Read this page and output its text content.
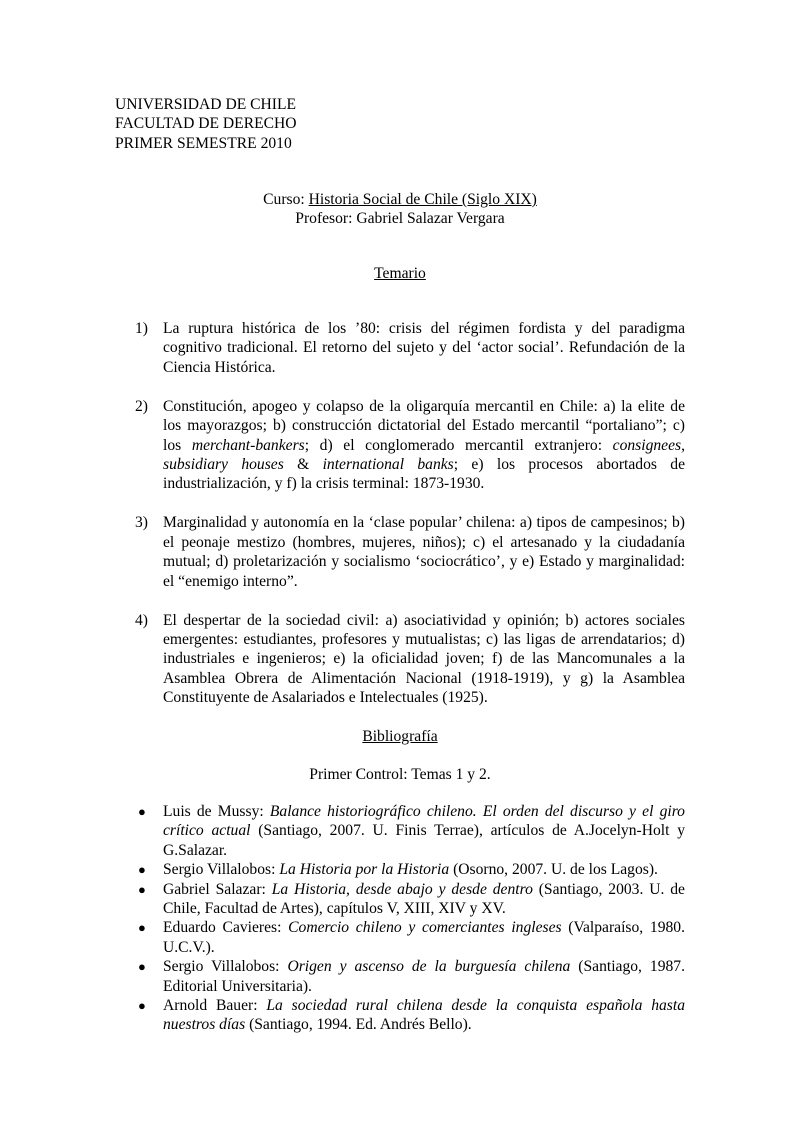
UNIVERSIDAD DE CHILE
FACULTAD DE DERECHO
PRIMER SEMESTRE 2010
Curso: Historia Social de Chile (Siglo XIX)
Profesor: Gabriel Salazar Vergara
Temario
1) La ruptura histórica de los ’80: crisis del régimen fordista y del paradigma cognitivo tradicional. El retorno del sujeto y del ‘actor social’. Refundación de la Ciencia Histórica.
2) Constitución, apogeo y colapso de la oligarquía mercantil en Chile: a) la elite de los mayorazgos; b) construcción dictatorial del Estado mercantil “portaliano”; c) los merchant-bankers; d) el conglomerado mercantil extranjero: consignees, subsidiary houses & international banks; e) los procesos abortados de industrialización, y f) la crisis terminal: 1873-1930.
3) Marginalidad y autonomía en la ‘clase popular’ chilena: a) tipos de campesinos; b) el peonaje mestizo (hombres, mujeres, niños); c) el artesanado y la ciudadanía mutual; d) proletarización y socialismo ‘sociocrático’, y e) Estado y marginalidad: el “enemigo interno”.
4) El despertar de la sociedad civil: a) asociatividad y opinión; b) actores sociales emergentes: estudiantes, profesores y mutualistas; c) las ligas de arrendatarios; d) industriales e ingenieros; e) la oficialidad joven; f) de las Mancomunales a la Asamblea Obrera de Alimentación Nacional (1918-1919), y g) la Asamblea Constituyente de Asalariados e Intelectuales (1925).
Bibliografía
Primer Control: Temas 1 y 2.
● Luis de Mussy: Balance historiográfico chileno. El orden del discurso y el giro crítico actual (Santiago, 2007. U. Finis Terrae), artículos de A.Jocelyn-Holt y G.Salazar.
● Sergio Villalobos: La Historia por la Historia (Osorno, 2007. U. de los Lagos).
● Gabriel Salazar: La Historia, desde abajo y desde dentro (Santiago, 2003. U. de Chile, Facultad de Artes), capítulos V, XIII, XIV y XV.
● Eduardo Cavieres: Comercio chileno y comerciantes ingleses (Valparaíso, 1980. U.C.V.).
● Sergio Villalobos: Origen y ascenso de la burguesía chilena (Santiago, 1987. Editorial Universitaria).
● Arnold Bauer: La sociedad rural chilena desde la conquista española hasta nuestros días (Santiago, 1994. Ed. Andrés Bello).
